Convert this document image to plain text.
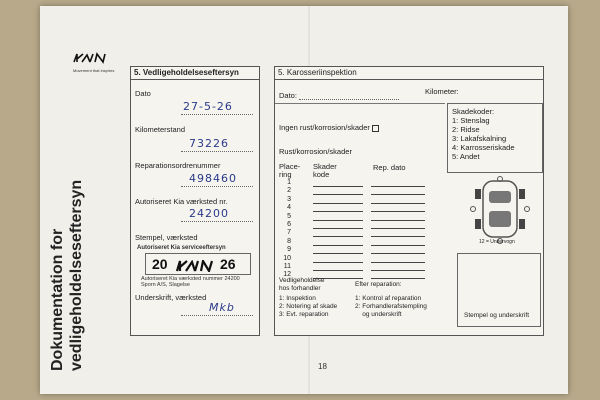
Movement that inspires
Dokumentation for vedligeholdelseseftersyn
5. Vedligeholdelseseftersyn
Dato
27-5-26
Kilometerstand
73226
Reparationsordrenummer
498460
Autoriseret Kia værksted nr.
24200
Stempel, værksted
Autoriseret Kia serviceeftersyn
20	26
Autoriseret Kia værksted nummer 24200 Sporn A/S, Slagelse
Underskrift, værksted
Mkb
5. Karosseriinspektion
Dato:	Kilometer:
Skadekoder:
1: Stenslag
2: Ridse
3: Lakafskalning
4: Karrosseriskade
5: Andet
Ingen rust/korrosion/skader
Rust/korrosion/skader
Place-
ring
Skader
kode
Rep. dato
1
2
3
4
5
6
7
8
9
10
11
12
12 = Undervogn
Vedligeholdelse
hos forhandler
1: Inspektion
2: Notering af skade
3: Evt. reparation
Efter reparation:
1: Kontrol af reparation
2: Forhandlerafstempling
og underskrift	Stempel og underskrift
18
